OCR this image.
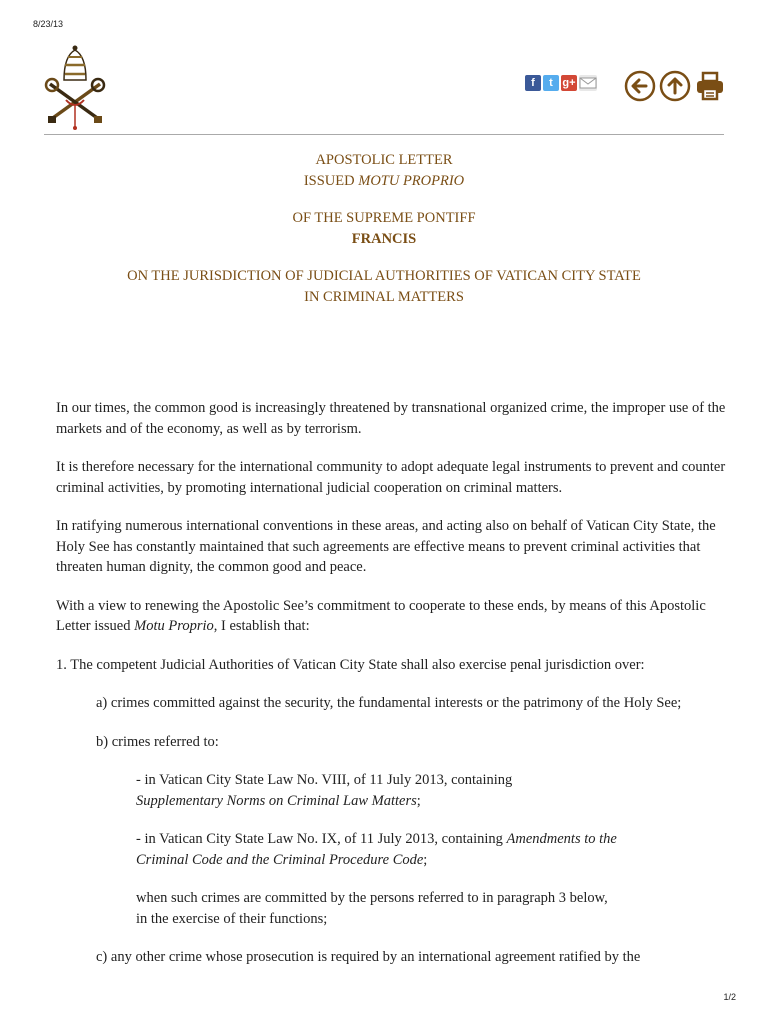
8/23/13
f	t g+

APOSTOLIC LETTER

ISSUED MOTU PROPRIO

OF THE SUPREME PONTIFF

FRANCIS

ON THE JURISDICTION OF JUDICIAL AUTHORITIES OF VATICAN CITY STATE

IN CRIMINAL MATTERS

In our times, the common good is increasingly threatened by transnational organized crime, the improper use of the markets and of the economy, as well as by terrorism.

It is therefore necessary for the international community to adopt adequate legal instruments to prevent and counter criminal activities, by promoting international judicial cooperation on criminal matters.

In ratifying numerous international conventions in these areas, and acting also on behalf of Vatican City State, the Holy See has constantly maintained that such agreements are effective means to prevent criminal activities that threaten human dignity, the common good and peace.

With a view to renewing the Apostolic See’s commitment to cooperate to these ends, by means of this Apostolic Letter issued Motu Proprio, I establish that:

1. The competent Judicial Authorities of Vatican City State shall also exercise penal jurisdiction over:

a) crimes committed against the security, the fundamental interests or the patrimony of the Holy See;

b) crimes referred to:

- in Vatican City State Law No. VIII, of 11 July 2013, containing
Supplementary Norms on Criminal Law Matters;

- in Vatican City State Law No. IX, of 11 July 2013, containing Amendments to the Criminal Code and the Criminal Procedure Code;

when such crimes are committed by the persons referred to in paragraph 3 below,
in the exercise of their functions;

c) any other crime whose prosecution is required by an international agreement ratified by the

1/2
